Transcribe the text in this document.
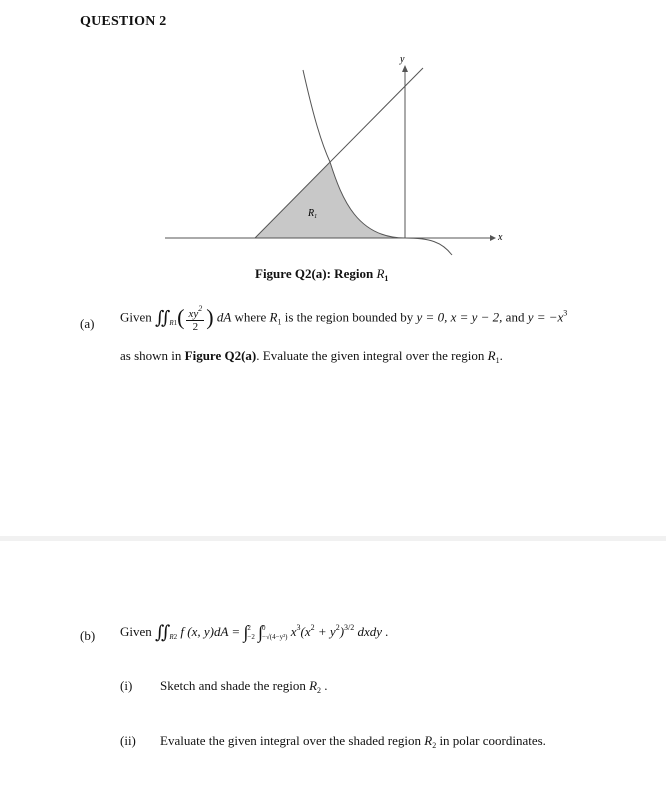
QUESTION 2
$R_1$
x
y
Figure Q2(a): Region $R_1$
(a) Given ∬
$R1( \frac{xy^2}{2}$ ) dA where $R_1$ is the region bounded by y = 0, x = y − 2, and $y = -x^3$
as shown in Figure Q2(a). Evaluate the given integral over the region $R_1$.
(b) Given ∬
R2 f (x, y)dA = ∫2
−2 ∫0
−√(4−y²) $x^3(x^2 + y^2)^{3/2}$ dxdy .
(i) Sketch and shade the region $R_2$ .
(ii) Evaluate the given integral over the shaded region $R_2$ in polar coordinates.
